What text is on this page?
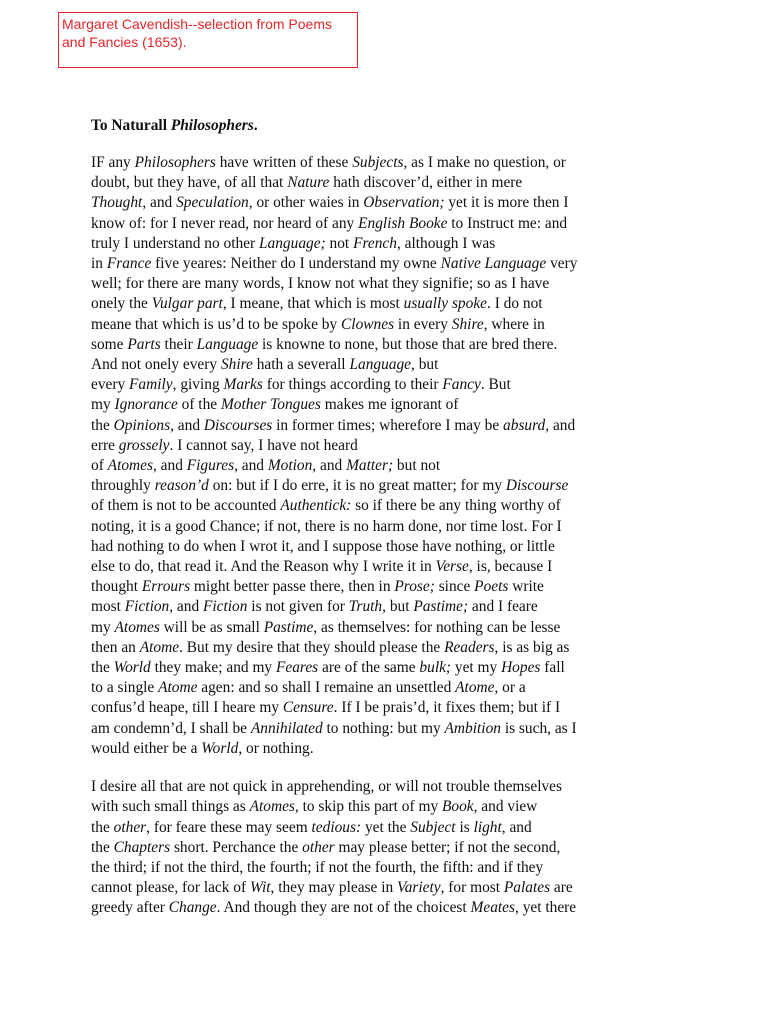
Margaret Cavendish--selection from Poems
and Fancies (1653).
To Naturall Philosophers.
IF any Philosophers have written of these Subjects, as I make no question, or
doubt, but they have, of all that Nature hath discover’d, either in mere
Thought, and Speculation, or other waies in Observation; yet it is more then I
know of: for I never read, nor heard of any English Booke to Instruct me: and
truly I understand no other Language; not French, although I was
in France five yeares: Neither do I understand my owne Native Language very
well; for there are many words, I know not what they signifie; so as I have
onely the Vulgar part, I meane, that which is most usually spoke. I do not
meane that which is us’d to be spoke by Clownes in every Shire, where in
some Parts their Language is knowne to none, but those that are bred there.
And not onely every Shire hath a severall Language, but
every Family, giving Marks for things according to their Fancy. But
my Ignorance of the Mother Tongues makes me ignorant of
the Opinions, and Discourses in former times; wherefore I may be absurd, and
erre grossely. I cannot say, I have not heard
of Atomes, and Figures, and Motion, and Matter; but not
throughly reason’d on: but if I do erre, it is no great matter; for my Discourse
of them is not to be accounted Authentick: so if there be any thing worthy of
noting, it is a good Chance; if not, there is no harm done, nor time lost. For I
had nothing to do when I wrot it, and I suppose those have nothing, or little
else to do, that read it. And the Reason why I write it in Verse, is, because I
thought Errours might better passe there, then in Prose; since Poets write
most Fiction, and Fiction is not given for Truth, but Pastime; and I feare
my Atomes will be as small Pastime, as themselves: for nothing can be lesse
then an Atome. But my desire that they should please the Readers, is as big as
the World they make; and my Feares are of the same bulk; yet my Hopes fall
to a single Atome agen: and so shall I remaine an unsettled Atome, or a
confus’d heape, till I heare my Censure. If I be prais’d, it fixes them; but if I
am condemn’d, I shall be Annihilated to nothing: but my Ambition is such, as I
would either be a World, or nothing.
I desire all that are not quick in apprehending, or will not trouble themselves
with such small things as Atomes, to skip this part of my Book, and view
the other, for feare these may seem tedious: yet the Subject is light, and
the Chapters short. Perchance the other may please better; if not the second,
the third; if not the third, the fourth; if not the fourth, the fifth: and if they
cannot please, for lack of Wit, they may please in Variety, for most Palates are
greedy after Change. And though they are not of the choicest Meates, yet there
